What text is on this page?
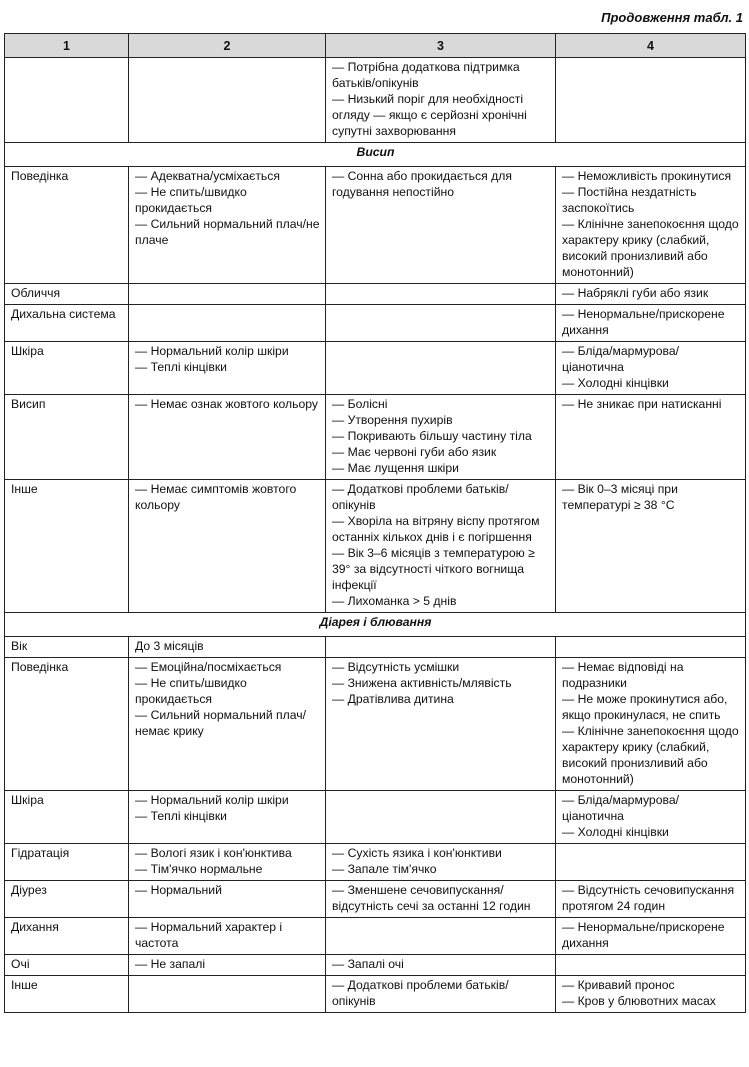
Продовження табл. 1
1	2	3	4

		— Потрібна додаткова підтримка батьків/опікунів
— Низький поріг для необхідності огляду — якщо є серйозні хронічні супутні захворювання	

Висип			
Поведінка	— Адекватна/усміхається
— Не спить/швидко прокидається
— Сильний нормальний плач/не плаче	— Сонна або прокидається для годування непостійно	— Неможливість прокинутися
— Постійна нездатність заспокоїтись
— Клінічне занепокоєння щодо характеру крику (слабкий, високий пронизливий або монотонний)

Обличчя			— Набряклі губи або язик

Дихальна система			— Ненормальне/прискорене дихання

Шкіра	— Нормальний колір шкіри
— Теплі кінцівки		— Бліда/мармурова/ ціанотична
— Холодні кінцівки

Висип	— Немає ознак жовтого кольору	— Болісні
— Утворення пухирів
— Покривають більшу частину тіла
— Має червоні губи або язик
— Має лущення шкіри	— Не зникає при натисканні

Інше	— Немає симптомів жовтого кольору	— Додаткові проблеми батьків/опікунів
— Хворіла на вітряну віспу протягом останніх кількох днів і є погіршення
— Вік 3–6 місяців з температурою ≥ 39° за відсутності чіткого вогнища інфекції
— Лихоманка > 5 днів	— Вік 0–3 місяці при температурі ≥ 38 °С

Діарея і блювання			
Вік	До 3 місяців		

Поведінка	— Емоційна/посміхається
— Не спить/швидко прокидається
— Сильний нормальний плач/немає крику	— Відсутність усмішки
— Знижена активність/млявість
— Дратівлива дитина	— Немає відповіді на подразники
— Не може прокинутися або, якщо прокинулася, не спить
— Клінічне занепокоєння щодо характеру крику (слабкий, високий пронизливий або монотонний)

Шкіра	— Нормальний колір шкіри
— Теплі кінцівки		— Бліда/мармурова/ціанотична
— Холодні кінцівки

Гідратація	— Вологі язик і кон'юнктива
— Тім'ячко нормальне	— Сухість язика і кон'юнктиви
— Запале тім'ячко	

Діурез	— Нормальний	— Зменшене сечовипускання/відсутність сечі за останні 12 годин	— Відсутність сечовипускання протягом 24 годин

Дихання	— Нормальний характер і частота		— Ненормальне/прискорене дихання

Очі	— Не запалі	— Запалі очі	

Інше		— Додаткові проблеми батьків/опікунів	— Кривавий пронос
— Кров у блювотних масах
